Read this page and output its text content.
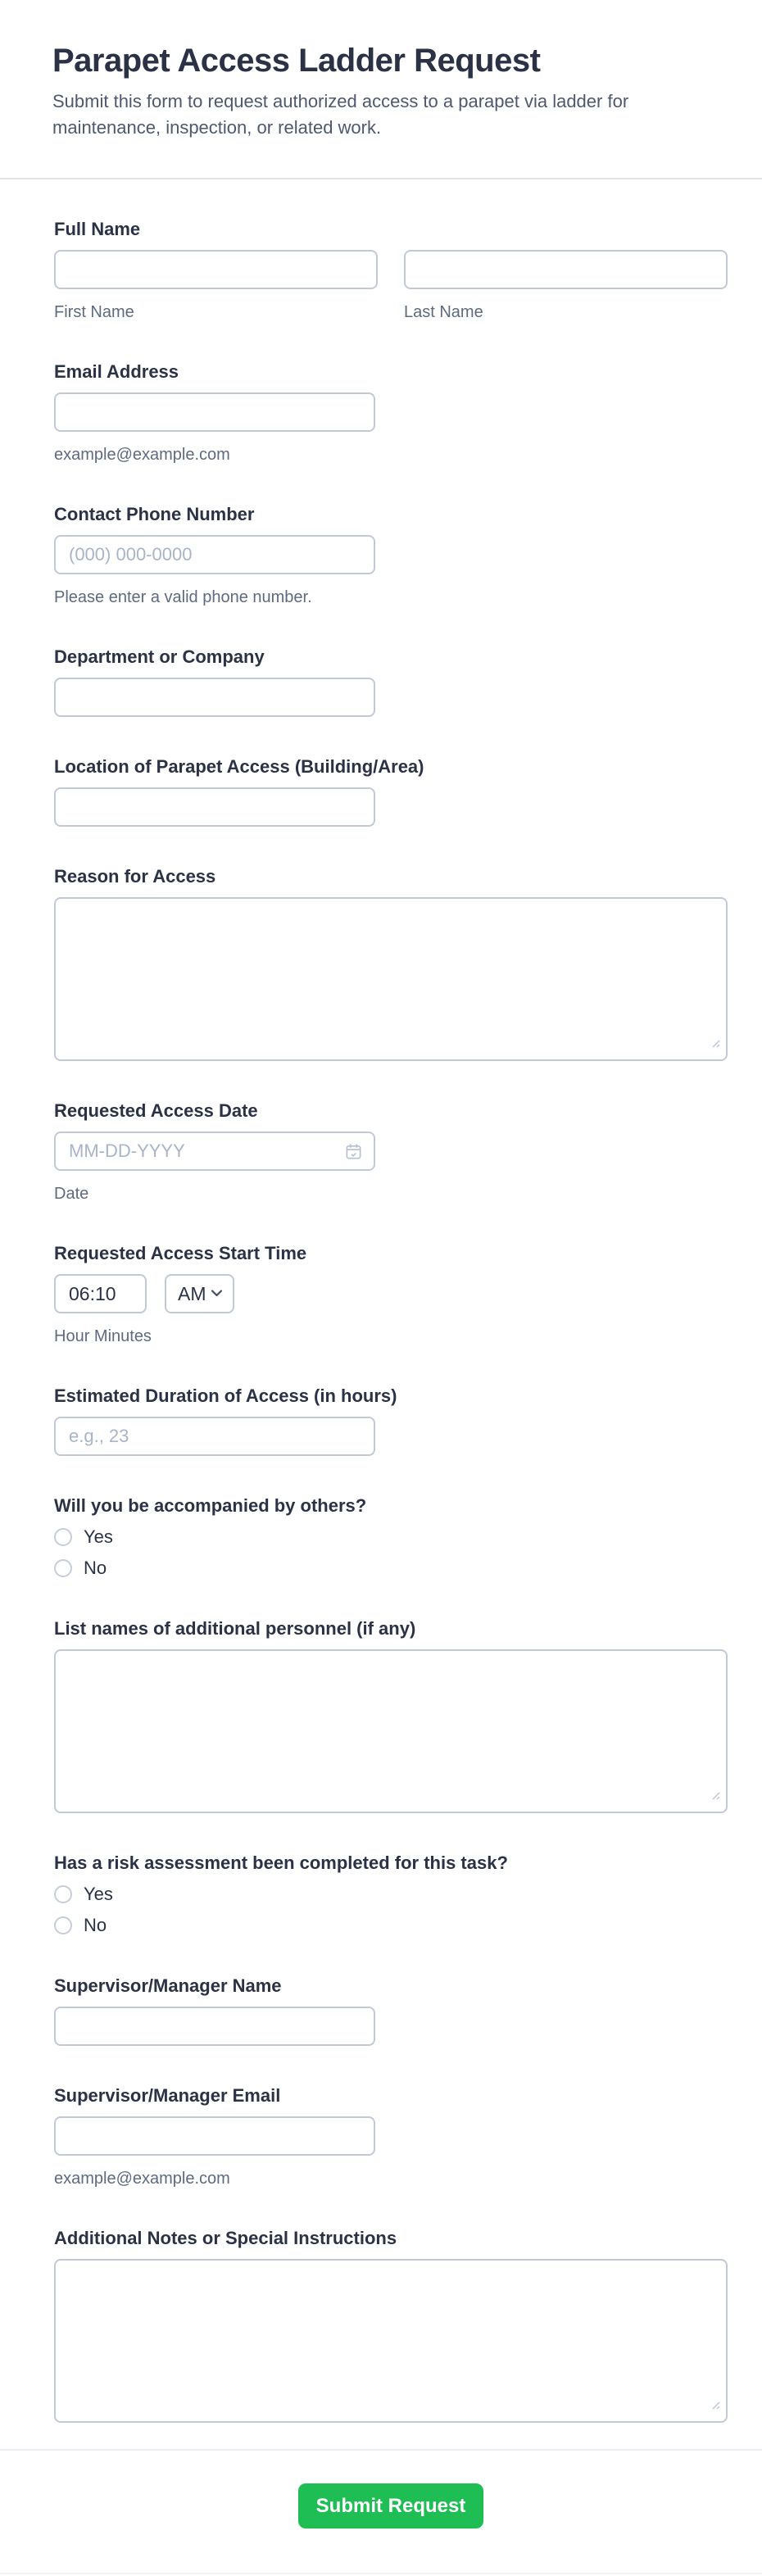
Parapet Access Ladder Request
Submit this form to request authorized access to a parapet via ladder for
maintenance, inspection, or related work.
Full Name
First Name	Last Name
Email Address
example@example.com
Contact Phone Number
(000) 000-0000
Please enter a valid phone number.
Department or Company
Location of Parapet Access (Building/Area)
Reason for Access
Requested Access Date
MM-DD-YYYY
Date
Requested Access Start Time
06:10
AM
Hour Minutes
Estimated Duration of Access (in hours)
e.g., 23
Will you be accompanied by others?
Yes
No
List names of additional personnel (if any)
Has a risk assessment been completed for this task?
Yes
No
Supervisor/Manager Name
Supervisor/Manager Email
example@example.com
Additional Notes or Special Instructions
Submit Request
